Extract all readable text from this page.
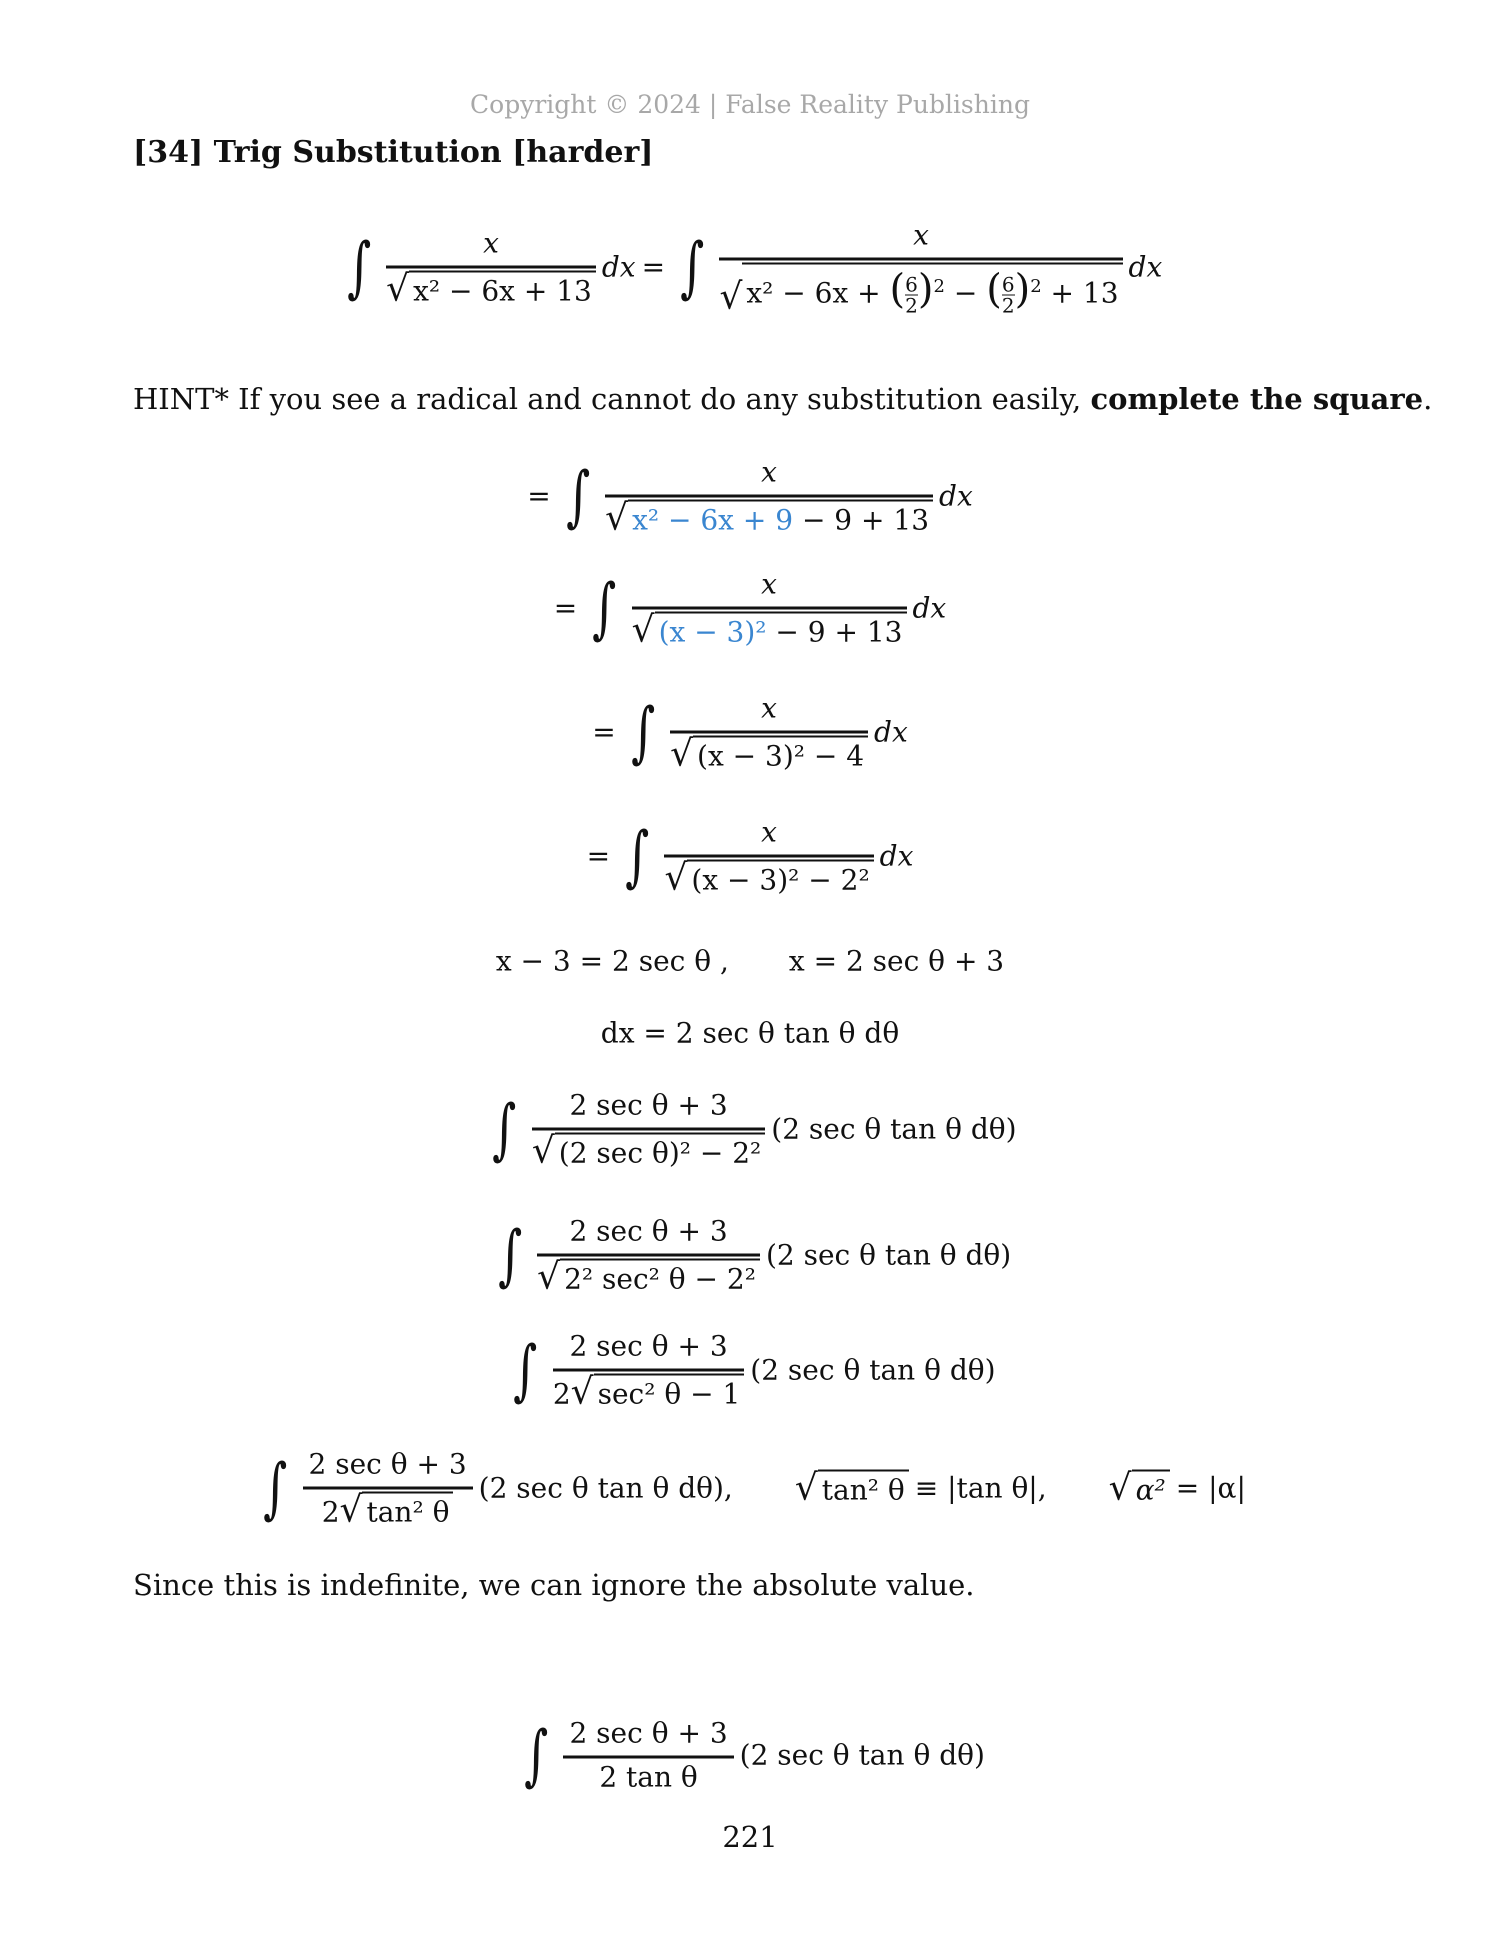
Copyright © 2024 | False Reality Publishing
[34] Trig Substitution [harder]
∫ $\frac{x}{\text{√ x² − 6x + 13}}$ dx = ∫	x
√ x² − 6x + ( $\frac{6}{2} )^2$ − ( $\frac{6}{2} )^2 + 13$
dx
HINT* If you see a radical and cannot do any substitution easily, complete the square.
= ∫ $\frac{x}{\text{√ x² − 6x + 9 − 9 + 13}}$ dx
= ∫ $\frac{x}{\text{√ (x − 3)² − 9 + 13}}$ dx
= ∫ $\frac{x}{\text{√ (x − 3)² − 4}}$ dx
= ∫ $\frac{x}{\text{√ (x − 3)² − 2²}}$ dx
x − 3 = 2 sec θ , x = 2 sec θ + 3
dx = 2 sec θ tan θ dθ
∫ $\frac{\text{2 sec θ + 3}}{\text{√ (2 sec θ)² − 2²}} (2$ sec θ tan θ dθ)
∫ $\frac{\text{2 sec θ + 3}}{\text{√ 2² sec² θ − 2²}} (2$ sec θ tan θ dθ)
∫ $\frac{\text{2 sec θ + 3}}{\text{2 √ sec² θ − 1}} (2$ sec θ tan θ dθ)
∫ $\frac{\text{2 sec θ + 3}}{\text{2 √ tan² θ}} (2$ sec θ tan θ dθ), √ tan² θ ≡ |tan θ|, √ α² = |α|
Since this is indefinite, we can ignore the absolute value.
∫ $\frac{\text{2 sec θ + 3}}{\text{2 tan θ}} (2$ sec θ tan θ dθ)
221
